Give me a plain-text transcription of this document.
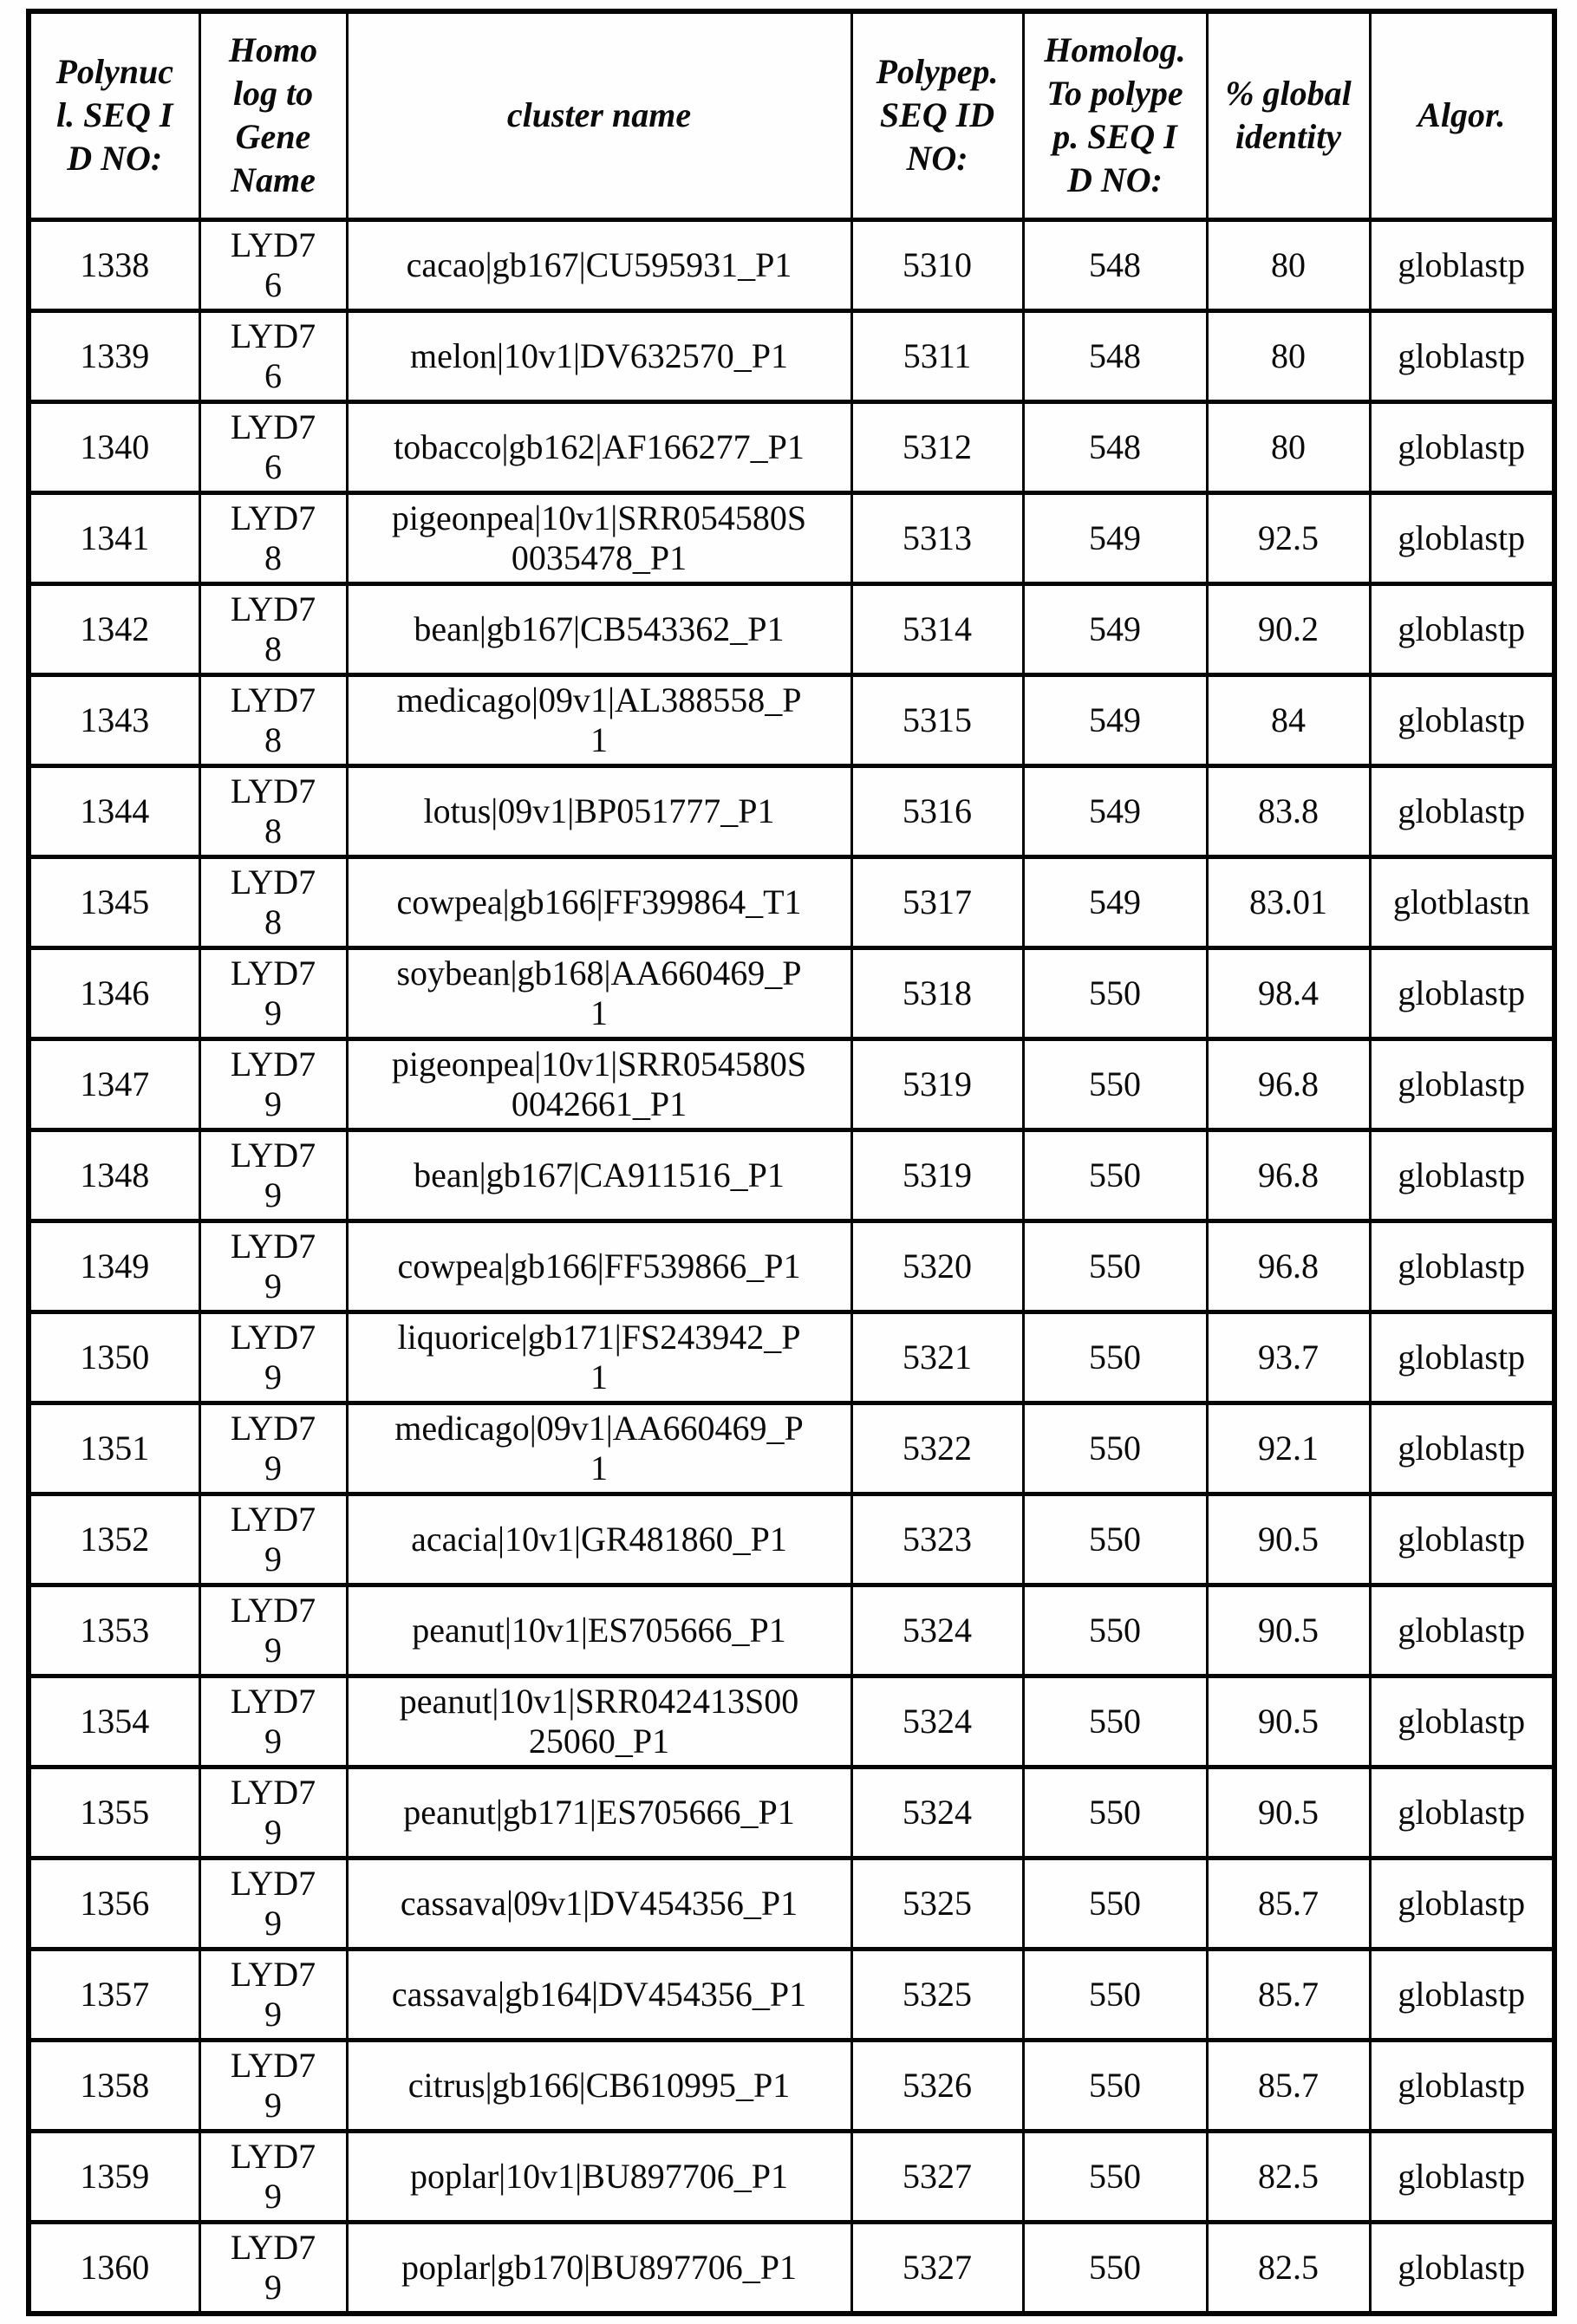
Polynucl. SEQ ID NO:	Homolog to Gene Name	cluster name	Polypep. SEQ ID NO:	Homolog. To polypep. SEQ ID NO:	% global identity	Algor.
1338	LYD76	cacao|gb167|CU595931_P1	5310	548	80	globlastp
1339	LYD76	melon|10v1|DV632570_P1	5311	548	80	globlastp
1340	LYD76	tobacco|gb162|AF166277_P1	5312	548	80	globlastp
1341	LYD78	pigeonpea|10v1|SRR054580S0035478_P1	5313	549	92.5	globlastp
1342	LYD78	bean|gb167|CB543362_P1	5314	549	90.2	globlastp
1343	LYD78	medicago|09v1|AL388558_P1	5315	549	84	globlastp
1344	LYD78	lotus|09v1|BP051777_P1	5316	549	83.8	globlastp
1345	LYD78	cowpea|gb166|FF399864_T1	5317	549	83.01	glotblastn
1346	LYD79	soybean|gb168|AA660469_P1	5318	550	98.4	globlastp
1347	LYD79	pigeonpea|10v1|SRR054580S0042661_P1	5319	550	96.8	globlastp
1348	LYD79	bean|gb167|CA911516_P1	5319	550	96.8	globlastp
1349	LYD79	cowpea|gb166|FF539866_P1	5320	550	96.8	globlastp
1350	LYD79	liquorice|gb171|FS243942_P1	5321	550	93.7	globlastp
1351	LYD79	medicago|09v1|AA660469_P1	5322	550	92.1	globlastp
1352	LYD79	acacia|10v1|GR481860_P1	5323	550	90.5	globlastp
1353	LYD79	peanut|10v1|ES705666_P1	5324	550	90.5	globlastp
1354	LYD79	peanut|10v1|SRR042413S0025060_P1	5324	550	90.5	globlastp
1355	LYD79	peanut|gb171|ES705666_P1	5324	550	90.5	globlastp
1356	LYD79	cassava|09v1|DV454356_P1	5325	550	85.7	globlastp
1357	LYD79	cassava|gb164|DV454356_P1	5325	550	85.7	globlastp
1358	LYD79	citrus|gb166|CB610995_P1	5326	550	85.7	globlastp
1359	LYD79	poplar|10v1|BU897706_P1	5327	550	82.5	globlastp
1360	LYD79	poplar|gb170|BU897706_P1	5327	550	82.5	globlastp
